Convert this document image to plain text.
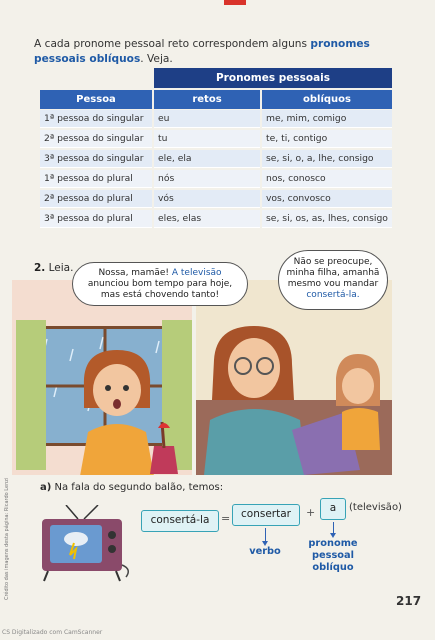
A cada pronome pessoal reto correspondem alguns pronomes pessoais oblíquos. Veja.

Pronomes pessoais
Pessoa	retos	oblíquos
1ª pessoa do singular	eu	me, mim, comigo
2ª pessoa do singular	tu	te, ti, contigo
3ª pessoa do singular	ele, ela	se, si, o, a, lhe, consigo
1ª pessoa do plural	nós	nos, conosco
2ª pessoa do plural	vós	vos, convosco
3ª pessoa do plural	eles, elas	se, si, os, as, lhes, consigo
2. Leia.	Nossa, mamãe! A televisão
anunciou bom tempo para hoje,
mas está chovendo tanto!
Não se preocupe,
minha filha, amanhã
mesmo vou mandar
consertá-la.
a) Na fala do segundo balão, temos:
consertá-la	=	consertar	+	a	(televisão)
verbo
pronome
pessoal
oblíquo
Crédito das imagens desta página: Ricardo Lenzi
217
CS Digitalizado com CamScanner
